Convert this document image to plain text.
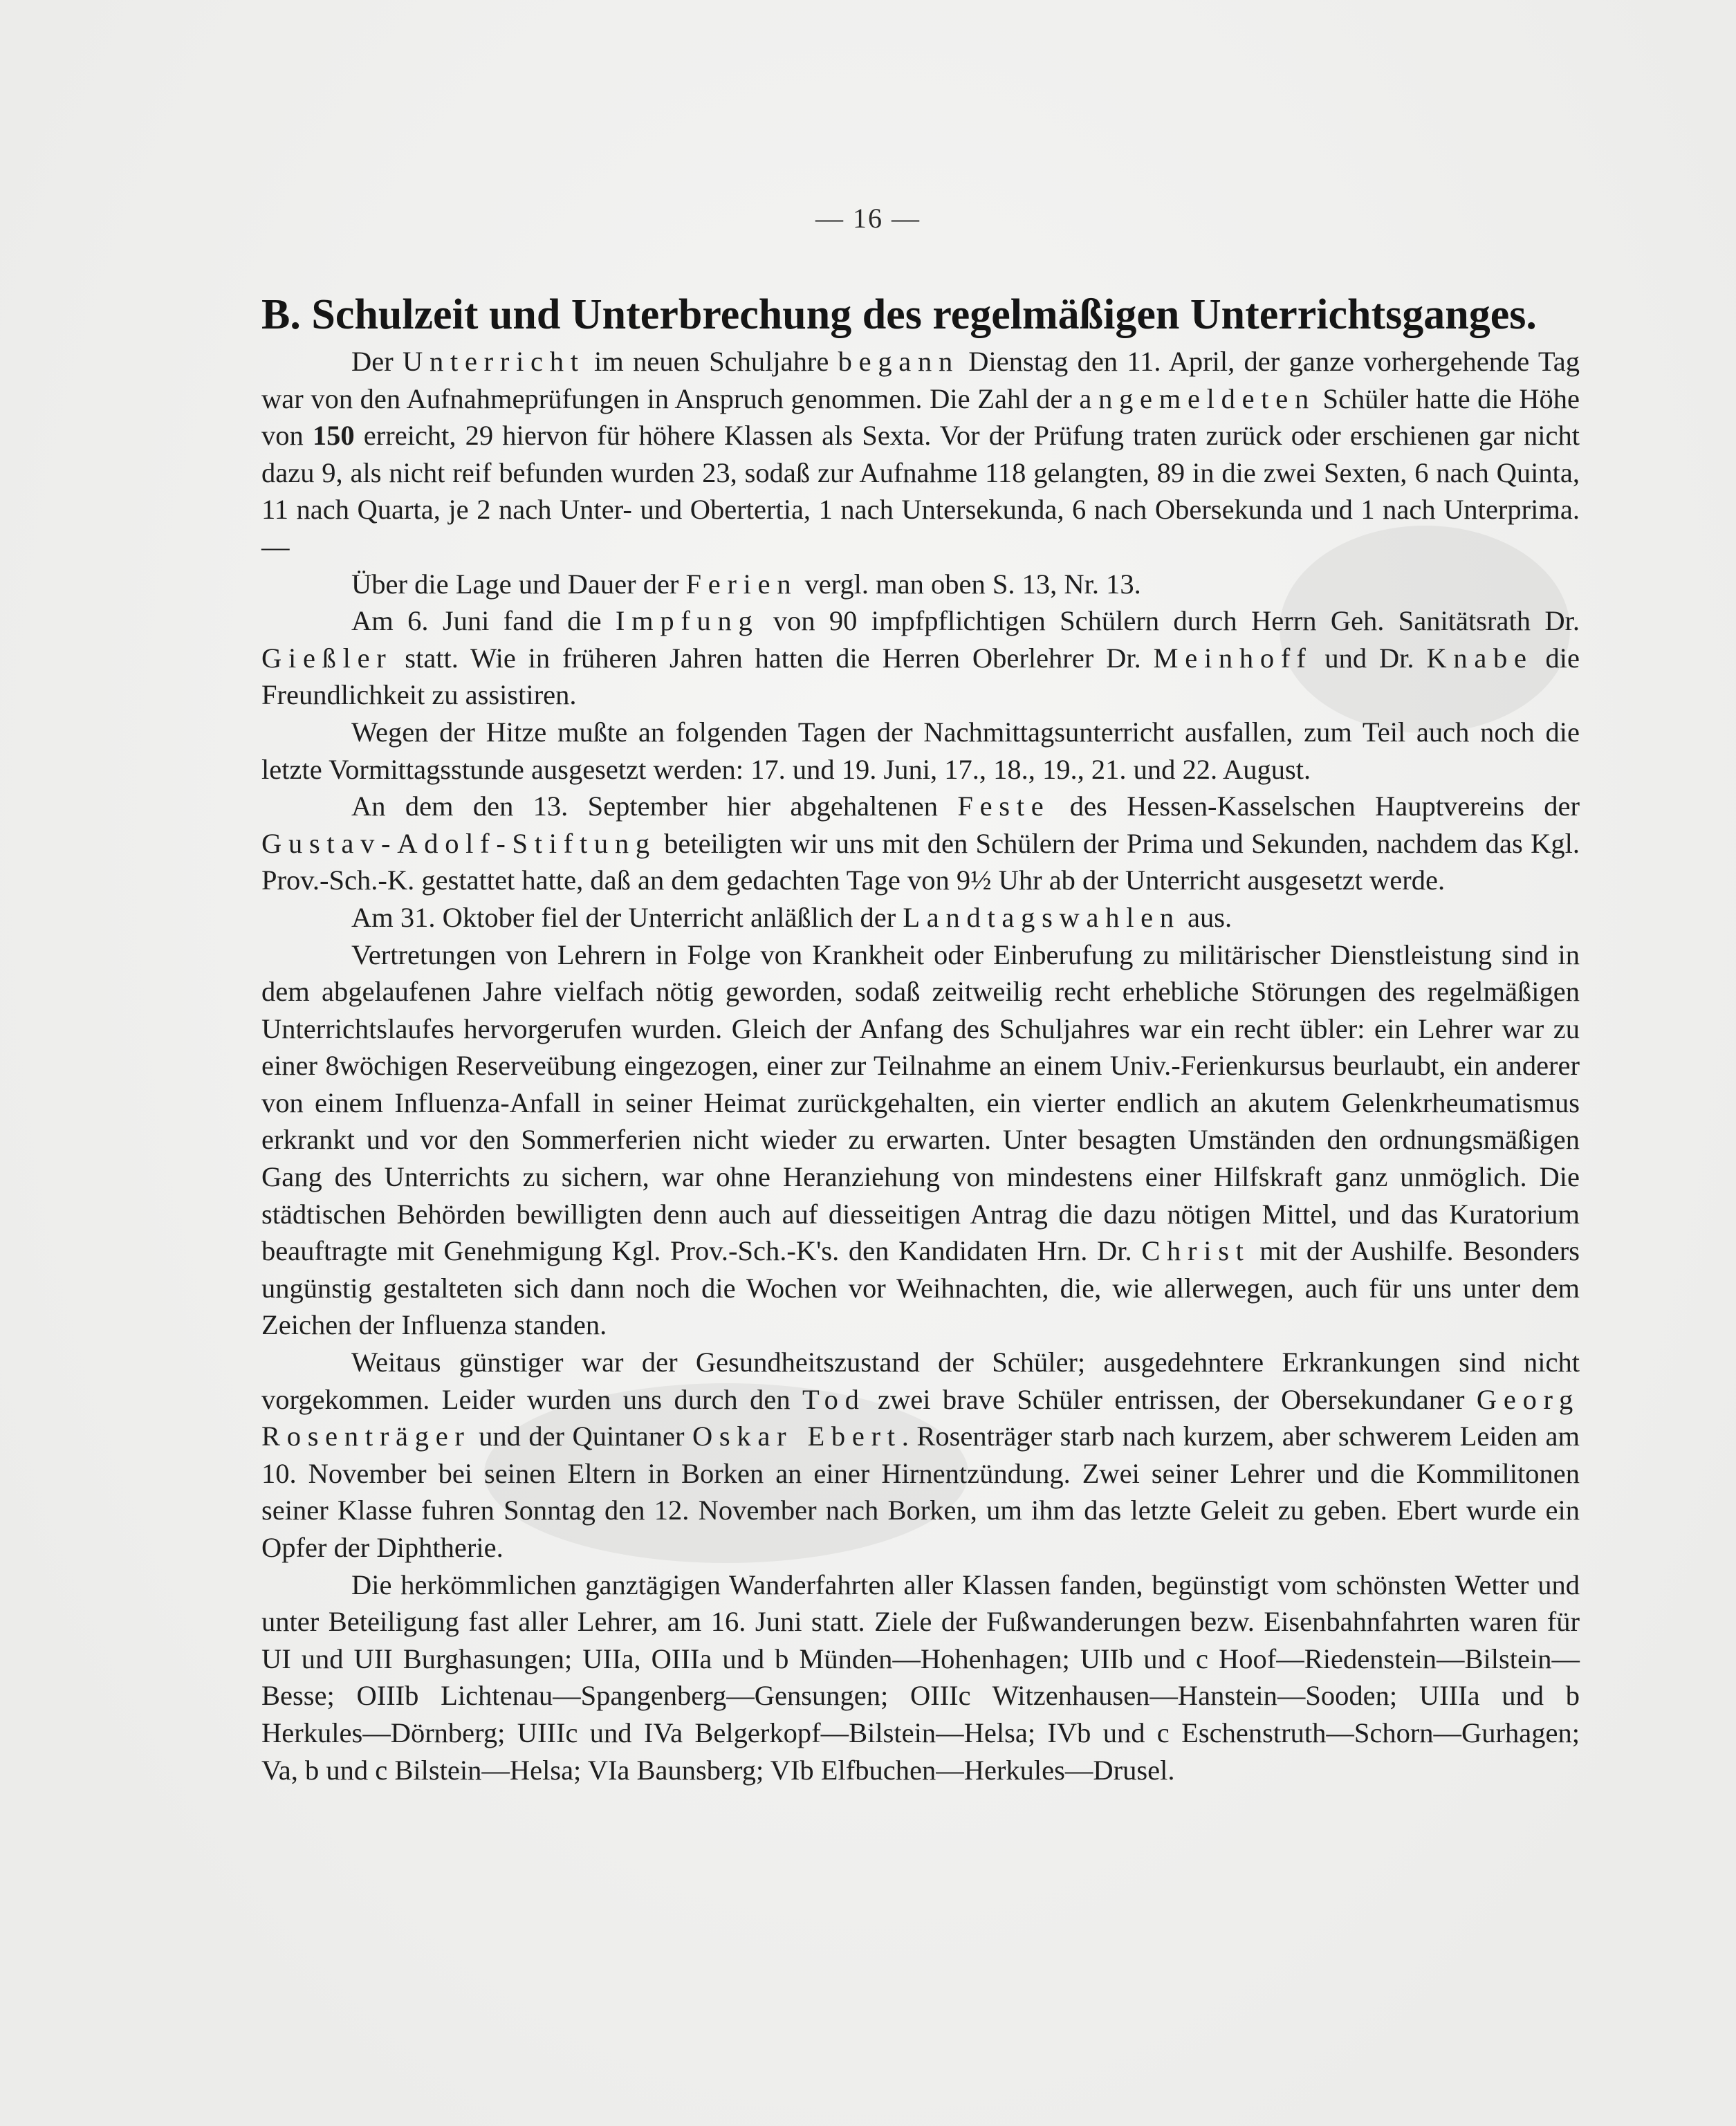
— 16 —
B. Schulzeit und Unterbrechung des regelmäßigen Unterrichtsganges.

Der Unterricht im neuen Schuljahre begann Dienstag den 11. April, der ganze vorhergehende Tag war von den Aufnahmeprüfungen in Anspruch genommen. Die Zahl der angemeldeten Schüler hatte die Höhe von 150 erreicht, 29 hiervon für höhere Klassen als Sexta. Vor der Prüfung traten zurück oder erschienen gar nicht dazu 9, als nicht reif befunden wurden 23, sodaß zur Aufnahme 118 gelangten, 89 in die zwei Sexten, 6 nach Quinta, 11 nach Quarta, je 2 nach Unter- und Obertertia, 1 nach Untersekunda, 6 nach Obersekunda und 1 nach Unterprima. —

Über die Lage und Dauer der Ferien vergl. man oben S. 13, Nr. 13.

Am 6. Juni fand die Impfung von 90 impfpflichtigen Schülern durch Herrn Geh. Sanitätsrath Dr. Gießler statt. Wie in früheren Jahren hatten die Herren Oberlehrer Dr. Meinhoff und Dr. Knabe die Freundlichkeit zu assistiren.

Wegen der Hitze mußte an folgenden Tagen der Nachmittagsunterricht ausfallen, zum Teil auch noch die letzte Vormittagsstunde ausgesetzt werden: 17. und 19. Juni, 17., 18., 19., 21. und 22. August.

An dem den 13. September hier abgehaltenen Feste des Hessen-Kasselschen Hauptvereins der Gustav-Adolf-Stiftung beteiligten wir uns mit den Schülern der Prima und Sekunden, nachdem das Kgl. Prov.-Sch.-K. gestattet hatte, daß an dem gedachten Tage von 9½ Uhr ab der Unterricht ausgesetzt werde.

Am 31. Oktober fiel der Unterricht anläßlich der Landtagswahlen aus.

Vertretungen von Lehrern in Folge von Krankheit oder Einberufung zu militärischer Dienstleistung sind in dem abgelaufenen Jahre vielfach nötig geworden, sodaß zeitweilig recht erhebliche Störungen des regelmäßigen Unterrichtslaufes hervorgerufen wurden. Gleich der Anfang des Schuljahres war ein recht übler: ein Lehrer war zu einer 8wöchigen Reserveübung eingezogen, einer zur Teilnahme an einem Univ.-Ferienkursus beurlaubt, ein anderer von einem Influenza-Anfall in seiner Heimat zurückgehalten, ein vierter endlich an akutem Gelenkrheumatismus erkrankt und vor den Sommerferien nicht wieder zu erwarten. Unter besagten Umständen den ordnungsmäßigen Gang des Unterrichts zu sichern, war ohne Heranziehung von mindestens einer Hilfskraft ganz unmöglich. Die städtischen Behörden bewilligten denn auch auf diesseitigen Antrag die dazu nötigen Mittel, und das Kuratorium beauftragte mit Genehmigung Kgl. Prov.-Sch.-K's. den Kandidaten Hrn. Dr. Christ mit der Aushilfe. Besonders ungünstig gestalteten sich dann noch die Wochen vor Weihnachten, die, wie allerwegen, auch für uns unter dem Zeichen der Influenza standen.

Weitaus günstiger war der Gesundheitszustand der Schüler; ausgedehntere Erkrankungen sind nicht vorgekommen. Leider wurden uns durch den Tod zwei brave Schüler entrissen, der Obersekundaner Georg Rosenträger und der Quintaner Oskar Ebert. Rosenträger starb nach kurzem, aber schwerem Leiden am 10. November bei seinen Eltern in Borken an einer Hirnentzündung. Zwei seiner Lehrer und die Kommilitonen seiner Klasse fuhren Sonntag den 12. November nach Borken, um ihm das letzte Geleit zu geben. Ebert wurde ein Opfer der Diphtherie.

Die herkömmlichen ganztägigen Wanderfahrten aller Klassen fanden, begünstigt vom schönsten Wetter und unter Beteiligung fast aller Lehrer, am 16. Juni statt. Ziele der Fußwanderungen bezw. Eisenbahnfahrten waren für UI und UII Burghasungen; UIIa, OIIIa und b Münden—Hohenhagen; UIIb und c Hoof—Riedenstein—Bilstein—Besse; OIIIb Lichtenau—Spangenberg—Gensungen; OIIIc Witzenhausen—Hanstein—Sooden; UIIIa und b Herkules—Dörnberg; UIIIc und IVa Belgerkopf—Bilstein—Helsa; IVb und c Eschenstruth—Schorn—Gurhagen; Va, b und c Bilstein—Helsa; VIa Baunsberg; VIb Elfbuchen—Herkules—Drusel.
